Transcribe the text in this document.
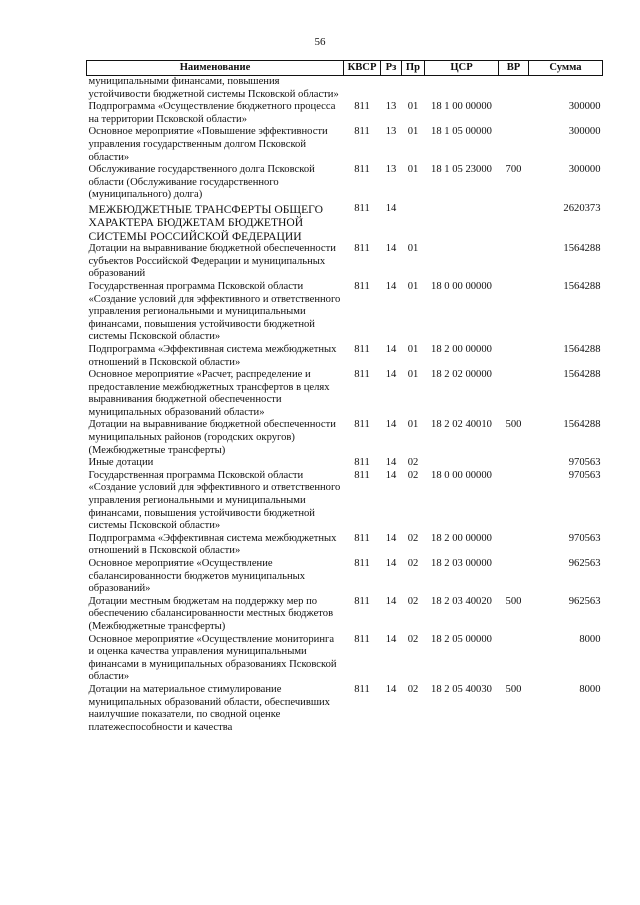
56
Наименование	КВСР	Рз	Пр	ЦСР	ВР	Сумма
муниципальными финансами, повышения устойчивости бюджетной системы Псковской области»						
Подпрограмма «Осуществление бюджетного процесса на территории Псковской области»	811	13	01	18 1 00 00000		300000
Основное мероприятие «Повышение эффективности управления государственным долгом Псковской области»	811	13	01	18 1 05 00000		300000
Обслуживание государственного долга Псковской области (Обслуживание государственного (муниципального) долга)	811	13	01	18 1 05 23000	700	300000
МЕЖБЮДЖЕТНЫЕ ТРАНСФЕРТЫ ОБЩЕГО ХАРАКТЕРА БЮДЖЕТАМ БЮДЖЕТНОЙ СИСТЕМЫ РОССИЙСКОЙ ФЕДЕРАЦИИ	811	14				2620373
Дотации на выравнивание бюджетной обеспеченности субъектов Российской Федерации и муниципальных образований	811	14	01			1564288
Государственная программа Псковской области «Создание условий для эффективного и ответственного управления региональными и муниципальными финансами, повышения устойчивости бюджетной системы Псковской области»	811	14	01	18 0 00 00000		1564288
Подпрограмма «Эффективная система межбюджетных отношений в Псковской области»	811	14	01	18 2 00 00000		1564288
Основное мероприятие «Расчет, распределение и предоставление межбюджетных трансфертов в целях выравнивания бюджетной обеспеченности муниципальных образований области»	811	14	01	18 2 02 00000		1564288
Дотации на выравнивание бюджетной обеспеченности муниципальных районов (городских округов) (Межбюджетные трансферты)	811	14	01	18 2 02 40010	500	1564288
Иные дотации	811	14	02			970563
Государственная программа Псковской области «Создание условий для эффективного и ответственного управления региональными и муниципальными финансами, повышения устойчивости бюджетной системы Псковской области»	811	14	02	18 0 00 00000		970563
Подпрограмма «Эффективная система межбюджетных отношений в Псковской области»	811	14	02	18 2 00 00000		970563
Основное мероприятие «Осуществление сбалансированности бюджетов муниципальных образований»	811	14	02	18 2 03 00000		962563
Дотации местным бюджетам на поддержку мер по обеспечению сбалансированности местных бюджетов (Межбюджетные трансферты)	811	14	02	18 2 03 40020	500	962563
Основное мероприятие «Осуществление мониторинга и оценка качества управления муниципальными финансами в муниципальных образованиях Псковской области»	811	14	02	18 2 05 00000		8000
Дотации на материальное стимулирование муниципальных образований области, обеспечивших наилучшие показатели, по сводной оценке платежеспособности и качества	811	14	02	18 2 05 40030	500	8000
